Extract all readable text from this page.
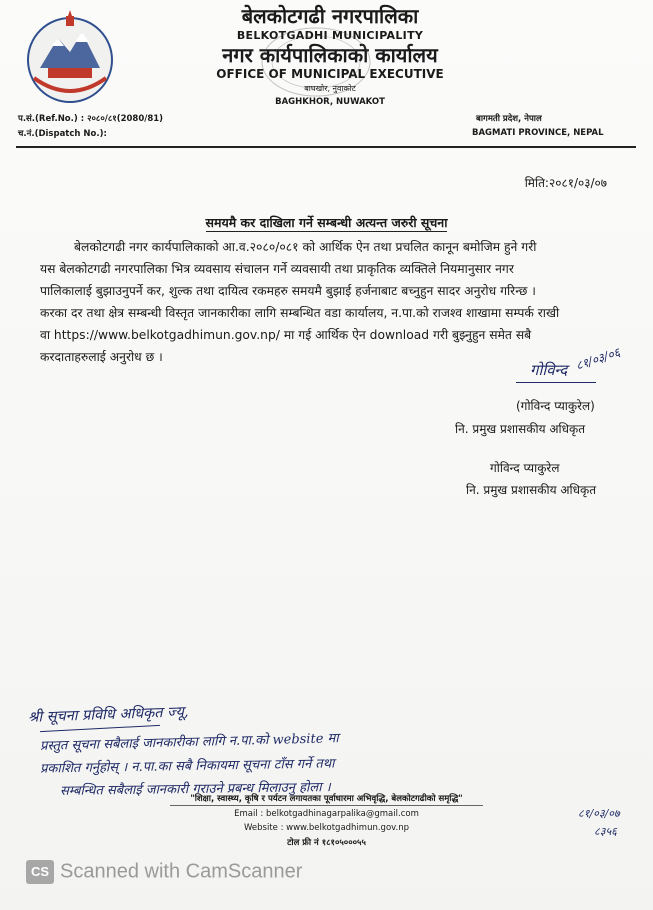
बेलकोटगढी नगरपालिका
BELKOTGADHI MUNICIPALITY
नगर कार्यपालिकाको कार्यालय
OFFICE OF MUNICIPAL EXECUTIVE
बाघखोर, नुवाकोट
BAGHKHOR, NUWAKOT
प.सं.(Ref.No.) : २०८०/८१(2080/81)
च.नं.(Dispatch No.):
बागमती प्रदेश, नेपाल
BAGMATI PROVINCE, NEPAL
मिति:२०८१/०३/०७
समयमै कर दाखिला गर्ने सम्बन्धी अत्यन्त जरुरी सूचना

बेलकोटगढी नगर कार्यपालिकाको आ.व.२०८०/०८१ को आर्थिक ऐन तथा प्रचलित कानून बमोजिम हुने गरी

यस बेलकोटगढी नगरपालिका भित्र व्यवसाय संचालन गर्ने व्यवसायी तथा प्राकृतिक व्यक्तिले नियमानुसार नगर

पालिकालाई बुझाउनुपर्ने कर, शुल्क तथा दायित्व रकमहरु समयमै बुझाई हर्जनाबाट बच्नुहुन सादर अनुरोध गरिन्छ ।

करका दर तथा क्षेत्र सम्बन्धी विस्तृत जानकारीका लागि सम्बन्धित वडा कार्यालय, न.पा.को राजश्व शाखामा सम्पर्क राखी

वा https://www.belkotgadhimun.gov.np/ मा गई आर्थिक ऐन download गरी बुझ्नुहुन समेत सबै

करदाताहरुलाई अनुरोध छ ।

गोविन्द ८१/०३/०६
(गोविन्द प्याकुरेल)
नि. प्रमुख प्रशासकीय अधिकृत
गोविन्द प्याकुरेल
नि. प्रमुख प्रशासकीय अधिकृत
श्री सूचना प्रविधि अधिकृत ज्यू,
प्रस्तुत सूचना सबैलाई जानकारीका लागि न.पा.को website मा
प्रकाशित गर्नुहोस् । न.पा.का सबै निकायमा सूचना टाँस गर्ने तथा
सम्बन्धित सबैलाई जानकारी गराउने प्रबन्ध मिलाउनु होला ।
८१/०३/०७
८३५६
"शिक्षा, स्वास्थ्य, कृषि र पर्यटन लगायतका पूर्वाधारमा अभिवृद्धि, बेलकोटगढीको समृद्धि"
Email : belkotgadhinagarpalika@gmail.com
Website : www.belkotgadhimun.gov.np
टोल फ्री नं १८१०५०००५५
CS Scanned with CamScanner
